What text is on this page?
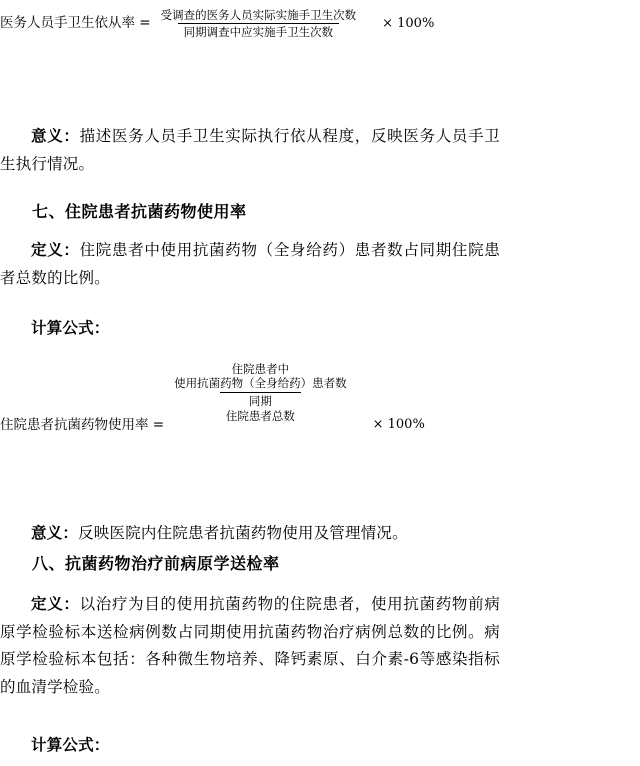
医务人员手卫生依从率 = $\frac{\text{受调查的医务人员实际实施手卫生次数}}{\text{同期调查中应实施手卫生次数}} \times 100\%$
意义：描述医务人员手卫生实际执行依从程度，反映医务人员手卫生执行情况。
七、住院患者抗菌药物使用率
定义：住院患者中使用抗菌药物（全身给药）患者数占同期住院患者总数的比例。
计算公式：
住院患者抗菌药物使用率 =
住院患者中
使用抗菌药物（全身给药）患者数
同期
住院患者总数 × 100%
意义：反映医院内住院患者抗菌药物使用及管理情况。
八、抗菌药物治疗前病原学送检率
定义：以治疗为目的使用抗菌药物的住院患者，使用抗菌药物前病原学检验标本送检病例数占同期使用抗菌药物治疗病例总数的比例。病原学检验标本包括：各种微生物培养、降钙素原、白介素-6等感染指标的血清学检验。
计算公式：
